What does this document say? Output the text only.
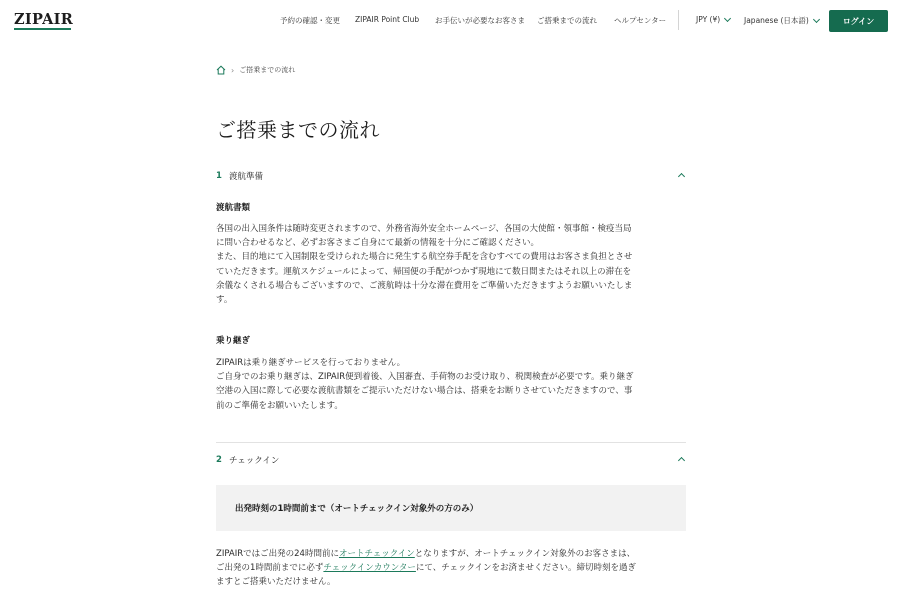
ZIPAIR	予約の確認・変更 ZIPAIR Point Club お手伝いが必要なお客さま ご搭乗までの流れ ヘルプセンター	JPY (¥)	Japanese (日本語)	ログイン
› ご搭乗までの流れ
ご搭乗までの流れ
1 渡航準備
渡航書類
各国の出入国条件は随時変更されますので、外務省海外安全ホームページ、各国の大使館・領事館・検疫当局
に問い合わせるなど、必ずお客さまご自身にて最新の情報を十分にご確認ください。
また、目的地にて入国制限を受けられた場合に発生する航空券手配を含むすべての費用はお客さま負担とさせ
ていただきます。運航スケジュールによって、帰国便の手配がつかず現地にて数日間またはそれ以上の滞在を
余儀なくされる場合もございますので、ご渡航時は十分な滞在費用をご準備いただきますようお願いいたしま
す。
乗り継ぎ
ZIPAIRは乗り継ぎサービスを行っておりません。
ご自身でのお乗り継ぎは、ZIPAIR便到着後、入国審査、手荷物のお受け取り、税関検査が必要です。乗り継ぎ
空港の入国に際して必要な渡航書類をご提示いただけない場合は、搭乗をお断りさせていただきますので、事
前のご準備をお願いいたします。
2 チェックイン
出発時刻の1時間前まで（オートチェックイン対象外の方のみ）
ZIPAIRではご出発の24時間前にオートチェックインとなりますが、オートチェックイン対象外のお客さまは、
ご出発の1時間前までに必ずチェックインカウンターにて、チェックインをお済ませください。締切時刻を過ぎ
ますとご搭乗いただけません。
